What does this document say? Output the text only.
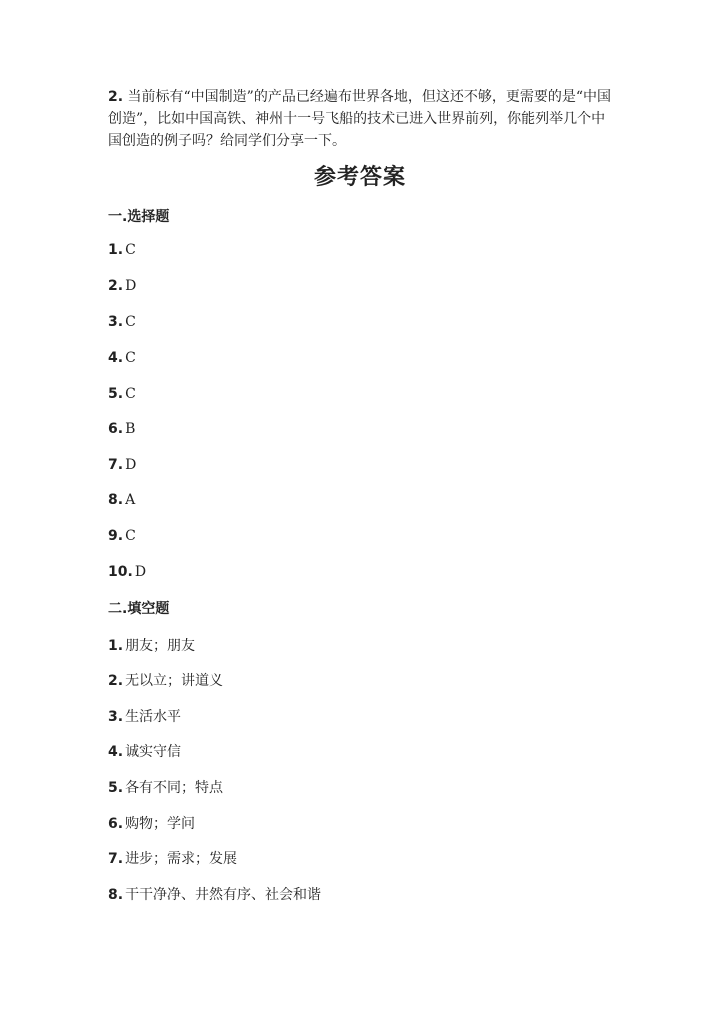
2. 当前标有“中国制造”的产品已经遍布世界各地，但这还不够，更需要的是“中国创造”，比如中国高铁、神州十一号飞船的技术已进入世界前列，你能列举几个中国创造的例子吗？给同学们分享一下。
参考答案
一.选择题
1. C
2. D
3. C
4. C
5. C
6. B
7. D
8. A
9. C
10. D
二.填空题
1. 朋友；朋友
2. 无以立；讲道义
3. 生活水平
4. 诚实守信
5. 各有不同；特点
6. 购物；学问
7. 进步；需求；发展
8. 干干净净、井然有序、社会和谐
